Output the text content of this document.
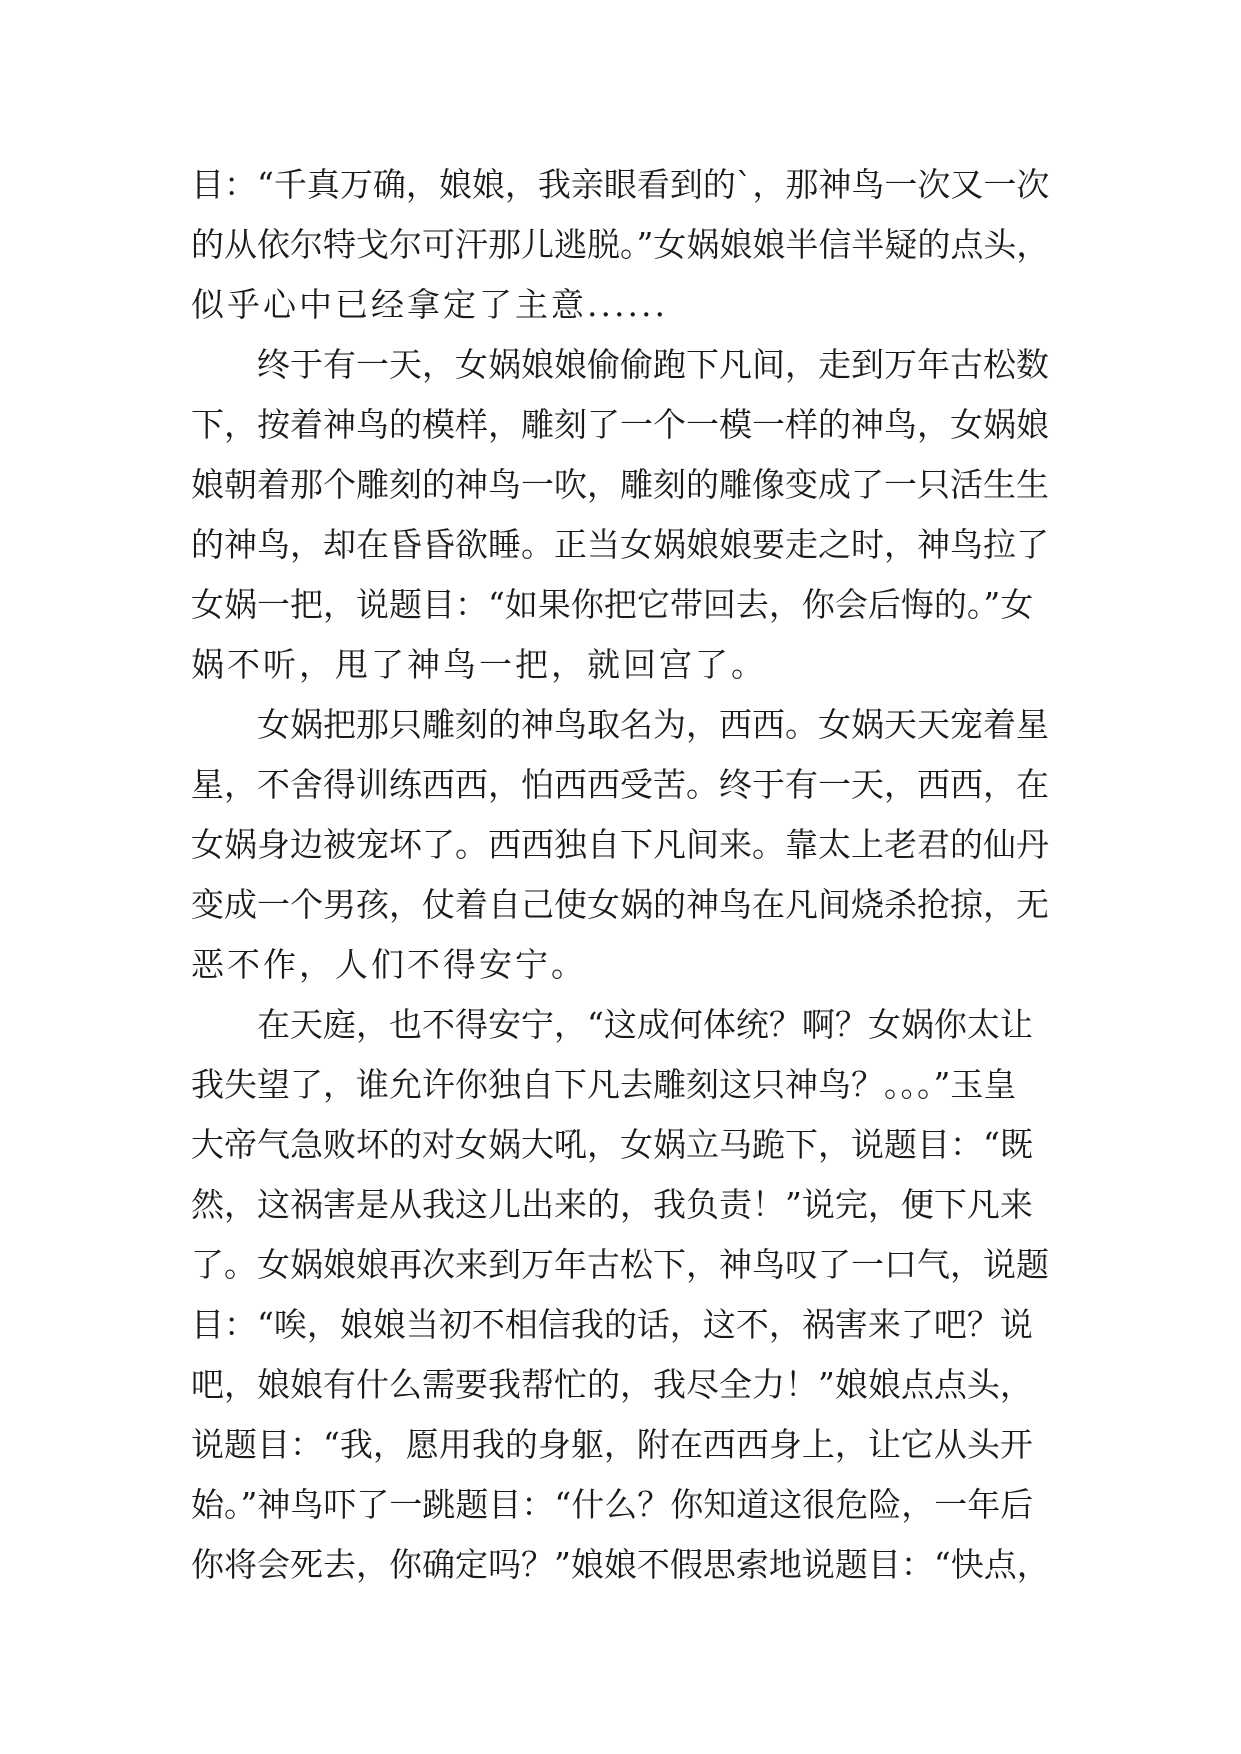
目：“千真万确，娘娘，我亲眼看到的`，那神鸟一次又一次
的从依尔特戈尔可汗那儿逃脱。”女娲娘娘半信半疑的点头，
似乎心中已经拿定了主意......
终于有一天，女娲娘娘偷偷跑下凡间，走到万年古松数
下，按着神鸟的模样，雕刻了一个一模一样的神鸟，女娲娘
娘朝着那个雕刻的神鸟一吹，雕刻的雕像变成了一只活生生
的神鸟，却在昏昏欲睡。正当女娲娘娘要走之时，神鸟拉了
女娲一把，说题目：“如果你把它带回去，你会后悔的。”女
娲不听，甩了神鸟一把，就回宫了。
女娲把那只雕刻的神鸟取名为，西西。女娲天天宠着星
星，不舍得训练西西，怕西西受苦。终于有一天，西西，在
女娲身边被宠坏了。西西独自下凡间来。靠太上老君的仙丹
变成一个男孩，仗着自己使女娲的神鸟在凡间烧杀抢掠，无
恶不作，人们不得安宁。
在天庭，也不得安宁，“这成何体统？啊？女娲你太让
我失望了，谁允许你独自下凡去雕刻这只神鸟？。。。”玉皇
大帝气急败坏的对女娲大吼，女娲立马跪下，说题目：“既
然，这祸害是从我这儿出来的，我负责！”说完，便下凡来
了。女娲娘娘再次来到万年古松下，神鸟叹了一口气，说题
目：“唉，娘娘当初不相信我的话，这不，祸害来了吧？说
吧，娘娘有什么需要我帮忙的，我尽全力！”娘娘点点头，
说题目：“我，愿用我的身躯，附在西西身上，让它从头开
始。”神鸟吓了一跳题目：“什么？你知道这很危险，一年后
你将会死去，你确定吗？”娘娘不假思索地说题目：“快点，
